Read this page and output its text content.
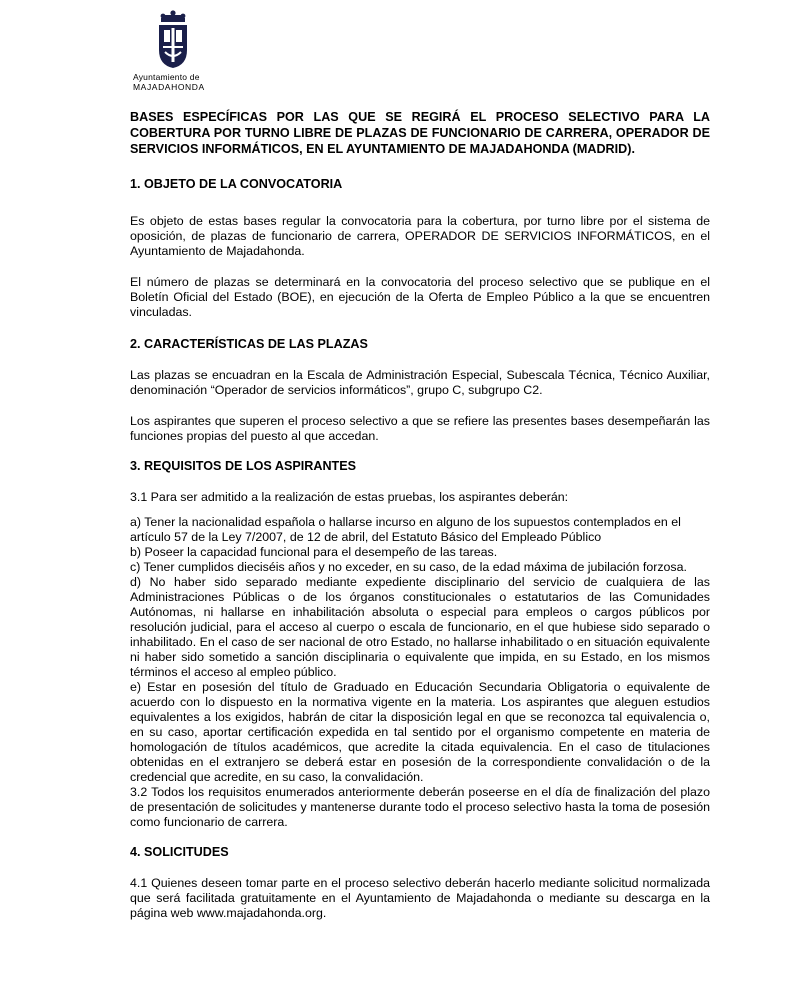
Ayuntamiento de
MAJADAHONDA

BASES ESPECÍFICAS POR LAS QUE SE REGIRÁ EL PROCESO SELECTIVO PARA LA COBERTURA POR TURNO LIBRE DE PLAZAS DE FUNCIONARIO DE CARRERA, OPERADOR DE SERVICIOS INFORMÁTICOS, EN EL AYUNTAMIENTO DE MAJADAHONDA (MADRID).

1. OBJETO DE LA CONVOCATORIA

Es objeto de estas bases regular la convocatoria para la cobertura, por turno libre por el sistema de oposición, de plazas de funcionario de carrera, OPERADOR DE SERVICIOS INFORMÁTICOS, en el Ayuntamiento de Majadahonda.

El número de plazas se determinará en la convocatoria del proceso selectivo que se publique en el Boletín Oficial del Estado (BOE), en ejecución de la Oferta de Empleo Público a la que se encuentren vinculadas.

2. CARACTERÍSTICAS DE LAS PLAZAS

Las plazas se encuadran en la Escala de Administración Especial, Subescala Técnica, Técnico Auxiliar, denominación “Operador de servicios informáticos”, grupo C, subgrupo C2.

Los aspirantes que superen el proceso selectivo a que se refiere las presentes bases desempeñarán las funciones propias del puesto al que accedan.

3. REQUISITOS DE LOS ASPIRANTES

3.1 Para ser admitido a la realización de estas pruebas, los aspirantes deberán:

a) Tener la nacionalidad española o hallarse incurso en alguno de los supuestos contemplados en el artículo 57 de la Ley 7/2007, de 12 de abril, del Estatuto Básico del Empleado Público

b) Poseer la capacidad funcional para el desempeño de las tareas.

c) Tener cumplidos dieciséis años y no exceder, en su caso, de la edad máxima de jubilación forzosa.

d) No haber sido separado mediante expediente disciplinario del servicio de cualquiera de las Administraciones Públicas o de los órganos constitucionales o estatutarios de las Comunidades Autónomas, ni hallarse en inhabilitación absoluta o especial para empleos o cargos públicos por resolución judicial, para el acceso al cuerpo o escala de funcionario, en el que hubiese sido separado o inhabilitado. En el caso de ser nacional de otro Estado, no hallarse inhabilitado o en situación equivalente ni haber sido sometido a sanción disciplinaria o equivalente que impida, en su Estado, en los mismos términos el acceso al empleo público.

e) Estar en posesión del título de Graduado en Educación Secundaria Obligatoria o equivalente de acuerdo con lo dispuesto en la normativa vigente en la materia. Los aspirantes que aleguen estudios equivalentes a los exigidos, habrán de citar la disposición legal en que se reconozca tal equivalencia o, en su caso, aportar certificación expedida en tal sentido por el organismo competente en materia de homologación de títulos académicos, que acredite la citada equivalencia. En el caso de titulaciones obtenidas en el extranjero se deberá estar en posesión de la correspondiente convalidación o de la credencial que acredite, en su caso, la convalidación.

3.2 Todos los requisitos enumerados anteriormente deberán poseerse en el día de finalización del plazo de presentación de solicitudes y mantenerse durante todo el proceso selectivo hasta la toma de posesión como funcionario de carrera.

4. SOLICITUDES

4.1 Quienes deseen tomar parte en el proceso selectivo deberán hacerlo mediante solicitud normalizada que será facilitada gratuitamente en el Ayuntamiento de Majadahonda o mediante su descarga en la página web www.majadahonda.org.
